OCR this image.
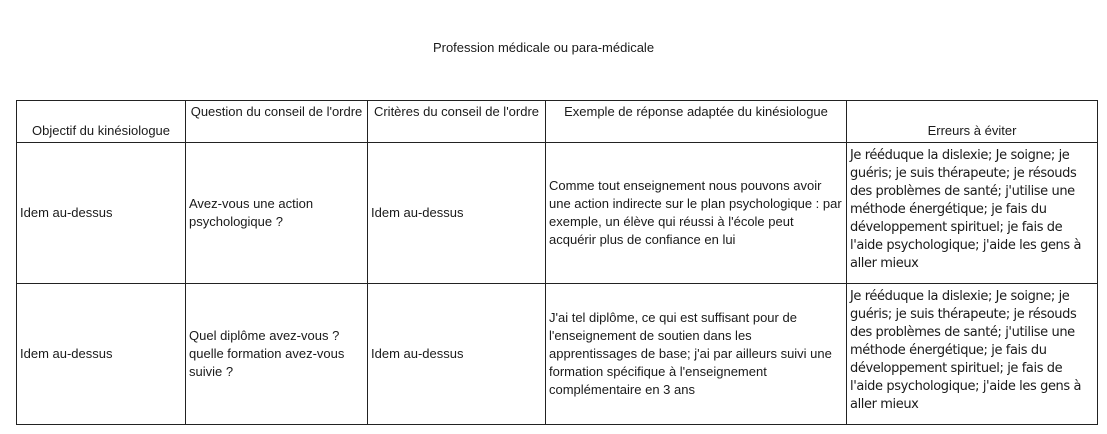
Profession médicale ou para-médicale
Objectif du kinésiologue	Question du conseil de l'ordre	Critères du conseil de l'ordre	Exemple de réponse adaptée du kinésiologue	Erreurs à éviter
Idem au-dessus	Avez-vous une action psychologique ?	Idem au-dessus	Comme tout enseignement nous pouvons avoir une action indirecte sur le plan psychologique : par exemple, un élève qui réussi à l'école peut acquérir plus de confiance en lui	Je rééduque la dislexie; Je soigne; je guéris; je suis thérapeute; je résouds des problèmes de santé; j'utilise une méthode énergétique; je fais du développement spirituel; je fais de l'aide psychologique; j'aide les gens à aller mieux
Idem au-dessus	Quel diplôme avez-vous ? quelle formation avez-vous suivie ?	Idem au-dessus	J'ai tel diplôme, ce qui est suffisant pour de l'enseignement de soutien dans les apprentissages de base; j'ai par ailleurs suivi une formation spécifique à l'enseignement complémentaire en 3 ans	Je rééduque la dislexie; Je soigne; je guéris; je suis thérapeute; je résouds des problèmes de santé; j'utilise une méthode énergétique; je fais du développement spirituel; je fais de l'aide psychologique; j'aide les gens à aller mieux
